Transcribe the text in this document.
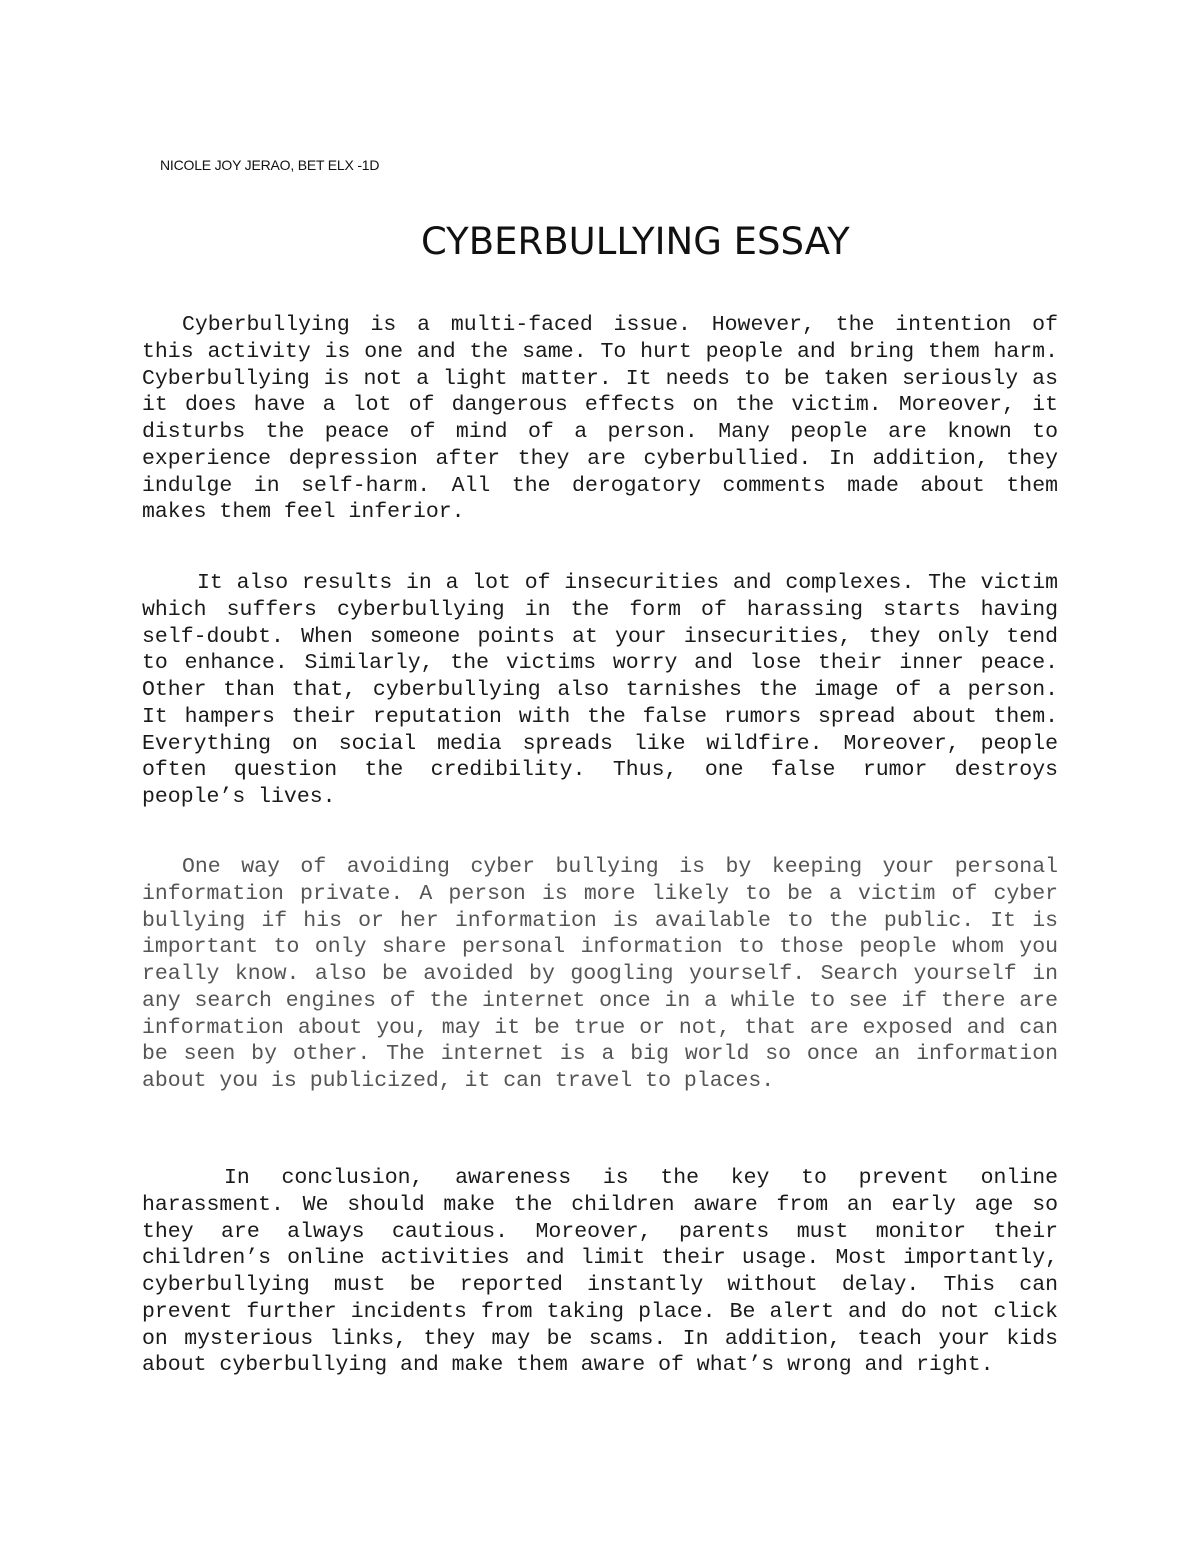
NICOLE JOY JERAO, BET ELX -1D
CYBERBULLYING ESSAY

Cyberbullying is a multi-faced issue. However, the intention of this activity is one and the same. To hurt people and bring them harm. Cyberbullying is not a light matter. It needs to be taken seriously as it does have a lot of dangerous effects on the victim. Moreover, it disturbs the peace of mind of a person. Many people are known to experience depression after they are cyberbullied. In addition, they indulge in self-harm. All the derogatory comments made about them makes them feel inferior.

It also results in a lot of insecurities and complexes. The victim which suffers cyberbullying in the form of harassing starts having self-doubt. When someone points at your insecurities, they only tend to enhance. Similarly, the victims worry and lose their inner peace. Other than that, cyberbullying also tarnishes the image of a person. It hampers their reputation with the false rumors spread about them. Everything on social media spreads like wildfire. Moreover, people often question the credibility. Thus, one false rumor destroys people’s lives.

One way of avoiding cyber bullying is by keeping your personal information private. A person is more likely to be a victim of cyber bullying if his or her information is available to the public. It is important to only share personal information to those people whom you really know. also be avoided by googling yourself. Search yourself in any search engines of the internet once in a while to see if there are information about you, may it be true or not, that are exposed and can be seen by other. The internet is a big world so once an information about you is publicized, it can travel to places.

In conclusion, awareness is the key to prevent online harassment. We should make the children aware from an early age so they are always cautious. Moreover, parents must monitor their children’s online activities and limit their usage. Most importantly, cyberbullying must be reported instantly without delay. This can prevent further incidents from taking place. Be alert and do not click on mysterious links, they may be scams. In addition, teach your kids about cyberbullying and make them aware of what’s wrong and right.
